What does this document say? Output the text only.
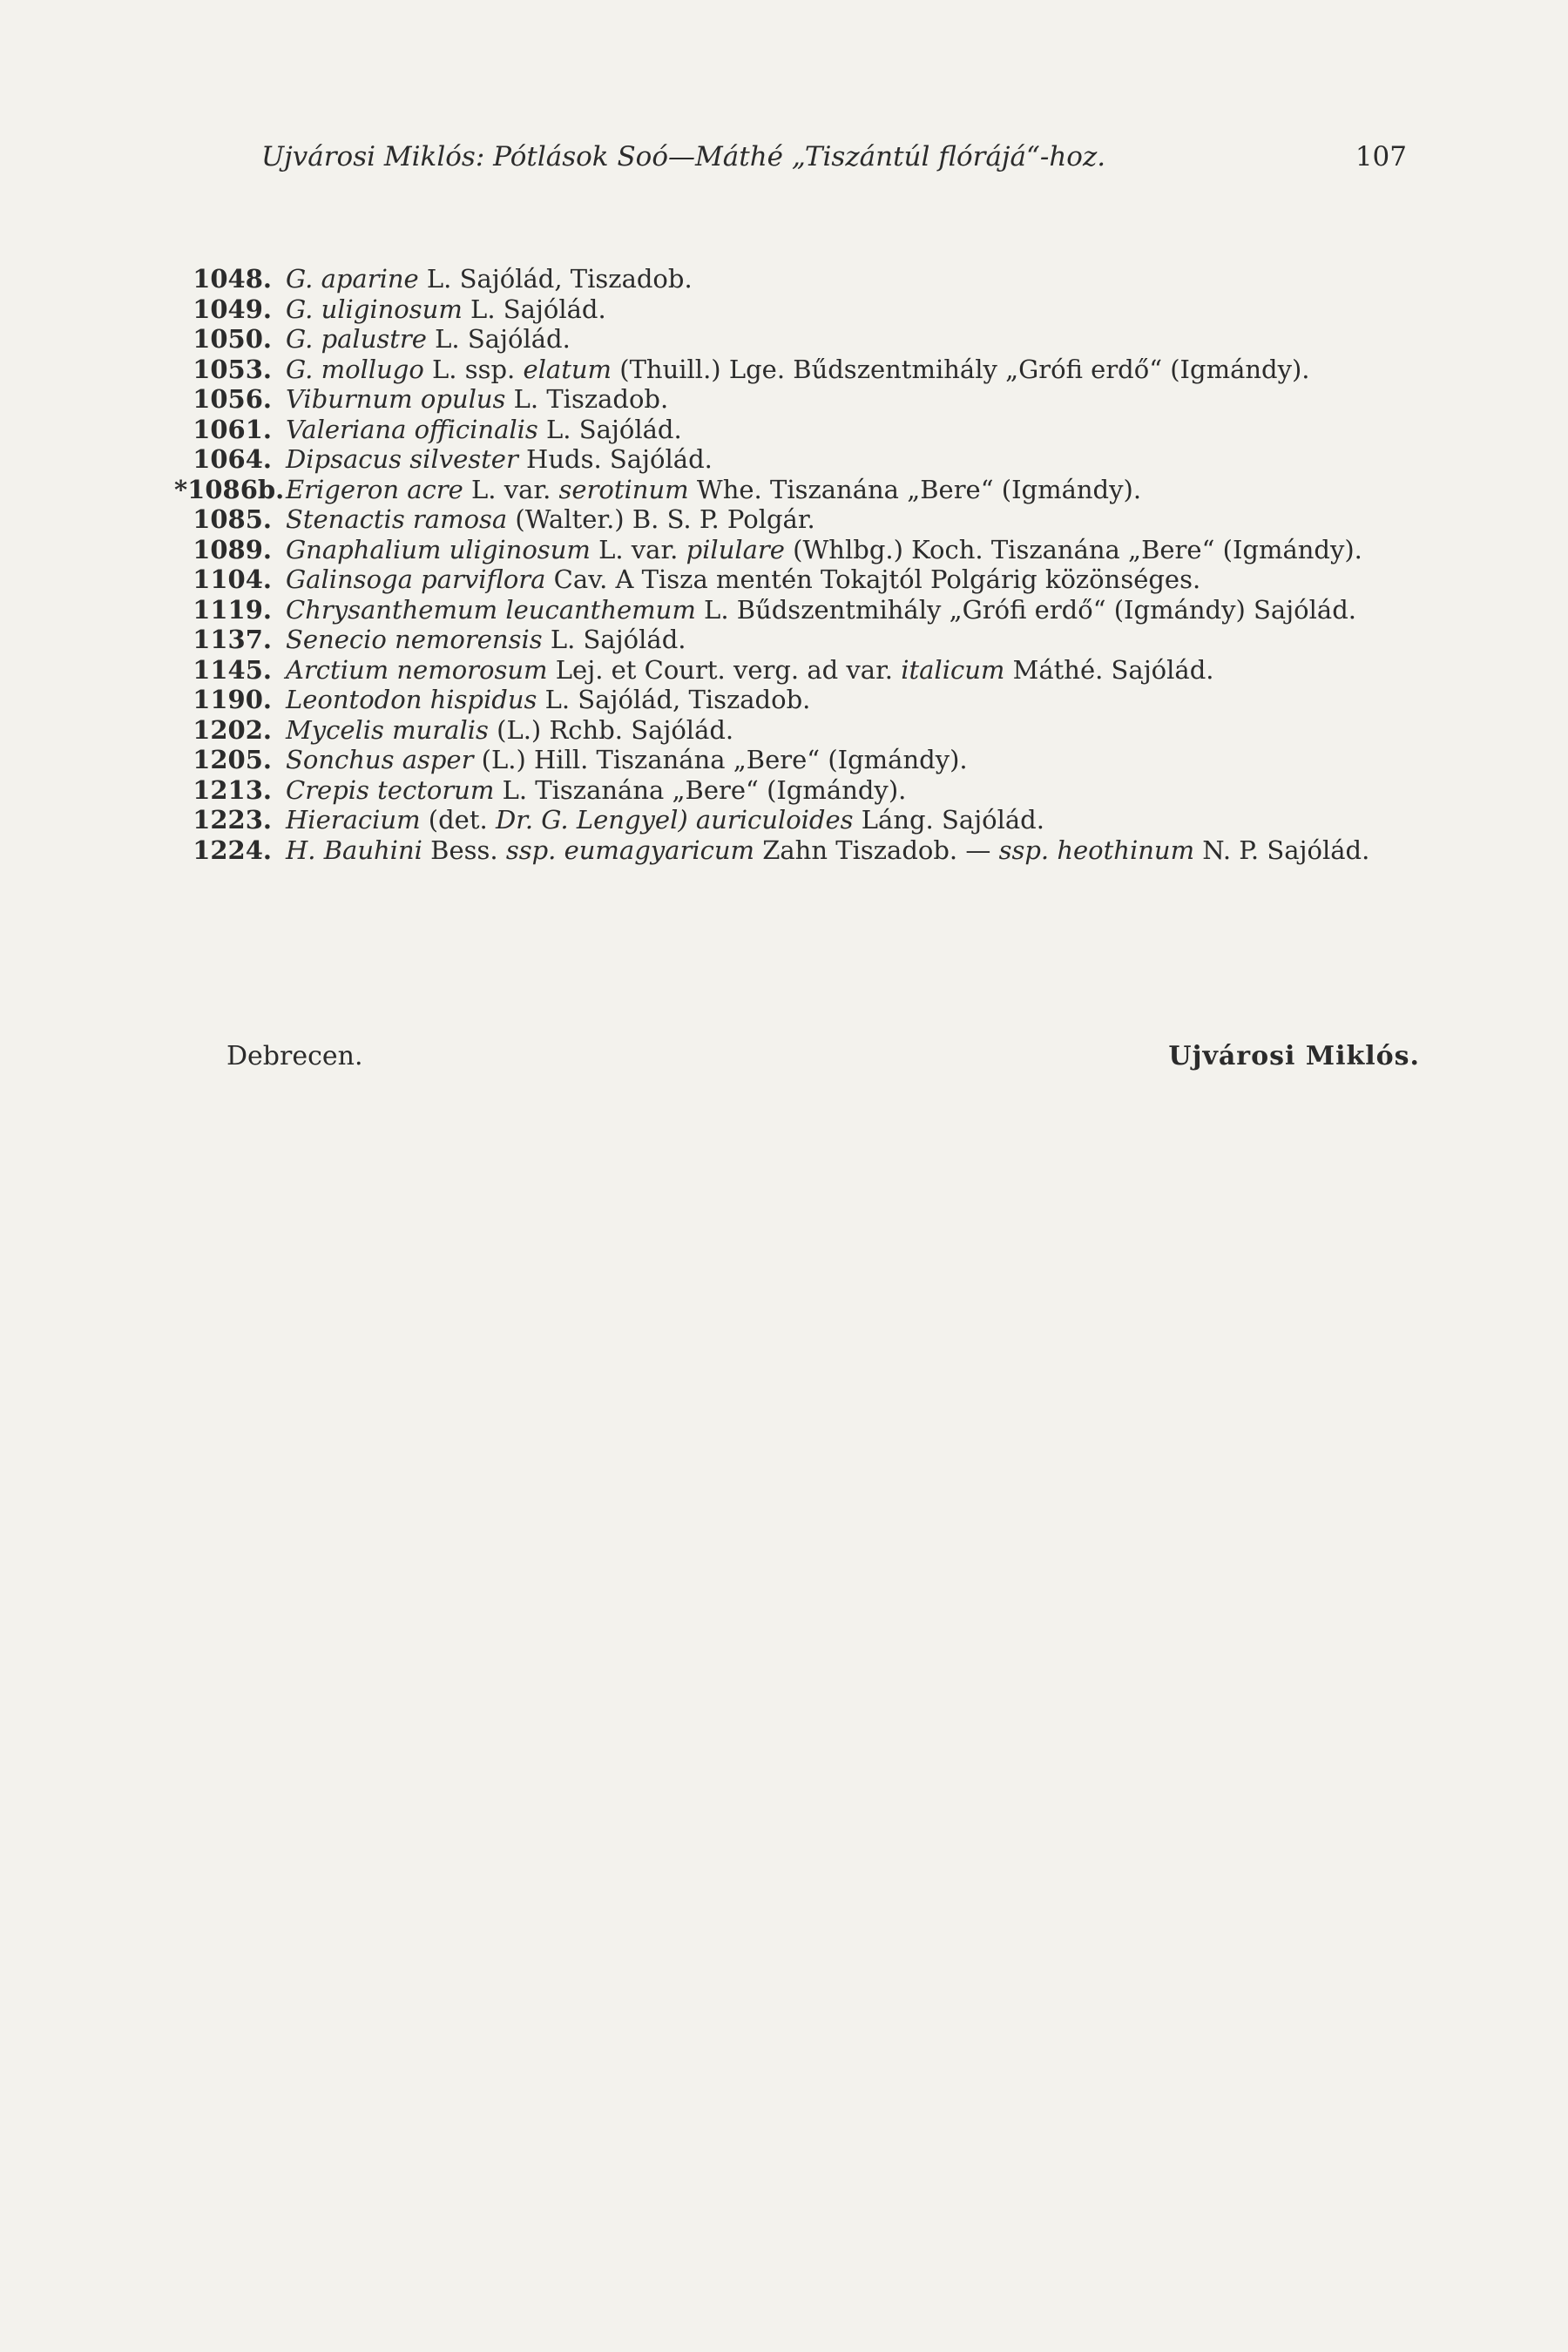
Ujvárosi Miklós: Pótlások Soó—Máthé „Tiszántúl flórájá“-hoz.	107
1048. G. aparine L. Sajólád, Tiszadob.
1049. G. uliginosum L. Sajólád.
1050. G. palustre L. Sajólád.
1053. G. mollugo L. ssp. elatum (Thuill.) Lge. Bűdszentmihály „Grófi erdő“ (Igmándy).
1056. Viburnum opulus L. Tiszadob.
1061. Valeriana officinalis L. Sajólád.
1064. Dipsacus silvester Huds. Sajólád.
*1086b. Erigeron acre L. var. serotinum Whe. Tiszanána „Bere“ (Igmándy).
1085. Stenactis ramosa (Walter.) B. S. P. Polgár.
1089. Gnaphalium uliginosum L. var. pilulare (Whlbg.) Koch. Tiszanána „Bere“ (Igmándy).
1104. Galinsoga parviflora Cav. A Tisza mentén Tokajtól Polgárig közönséges.
1119. Chrysanthemum leucanthemum L. Bűdszentmihály „Grófi erdő“ (Igmándy) Sajólád.
1137. Senecio nemorensis L. Sajólád.
1145. Arctium nemorosum Lej. et Court. verg. ad var. italicum Máthé. Sajólád.
1190. Leontodon hispidus L. Sajólád, Tiszadob.
1202. Mycelis muralis (L.) Rchb. Sajólád.
1205. Sonchus asper (L.) Hill. Tiszanána „Bere“ (Igmándy).
1213. Crepis tectorum L. Tiszanána „Bere“ (Igmándy).
1223. Hieracium (det. Dr. G. Lengyel) auriculoides Láng. Sajólád.
1224. H. Bauhini Bess. ssp. eumagyaricum Zahn Tiszadob. — ssp. heothinum N. P. Sajólád.
Debrecen.	Ujvárosi Miklós.
